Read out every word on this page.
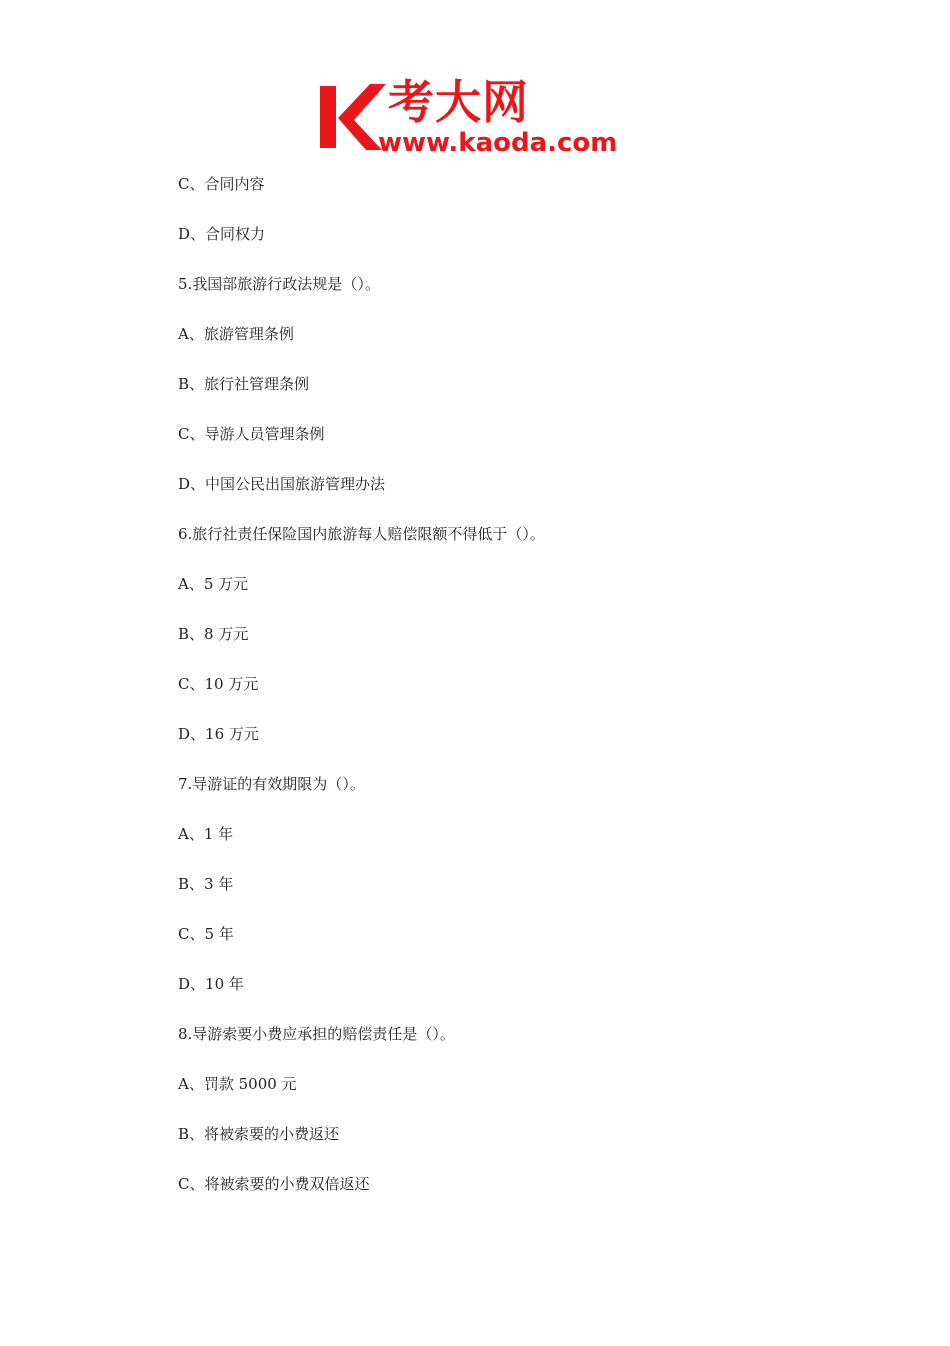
考大网
www.kaoda.com
C、合同内容
D、合同权力
5.我国部旅游行政法规是（）。
A、旅游管理条例
B、旅行社管理条例
C、导游人员管理条例
D、中国公民出国旅游管理办法
6.旅行社责任保险国内旅游每人赔偿限额不得低于（）。
A、5 万元
B、8 万元
C、10 万元
D、16 万元
7.导游证的有效期限为（）。
A、1 年
B、3 年
C、5 年
D、10 年
8.导游索要小费应承担的赔偿责任是（）。
A、罚款 5000 元
B、将被索要的小费返还
C、将被索要的小费双倍返还
